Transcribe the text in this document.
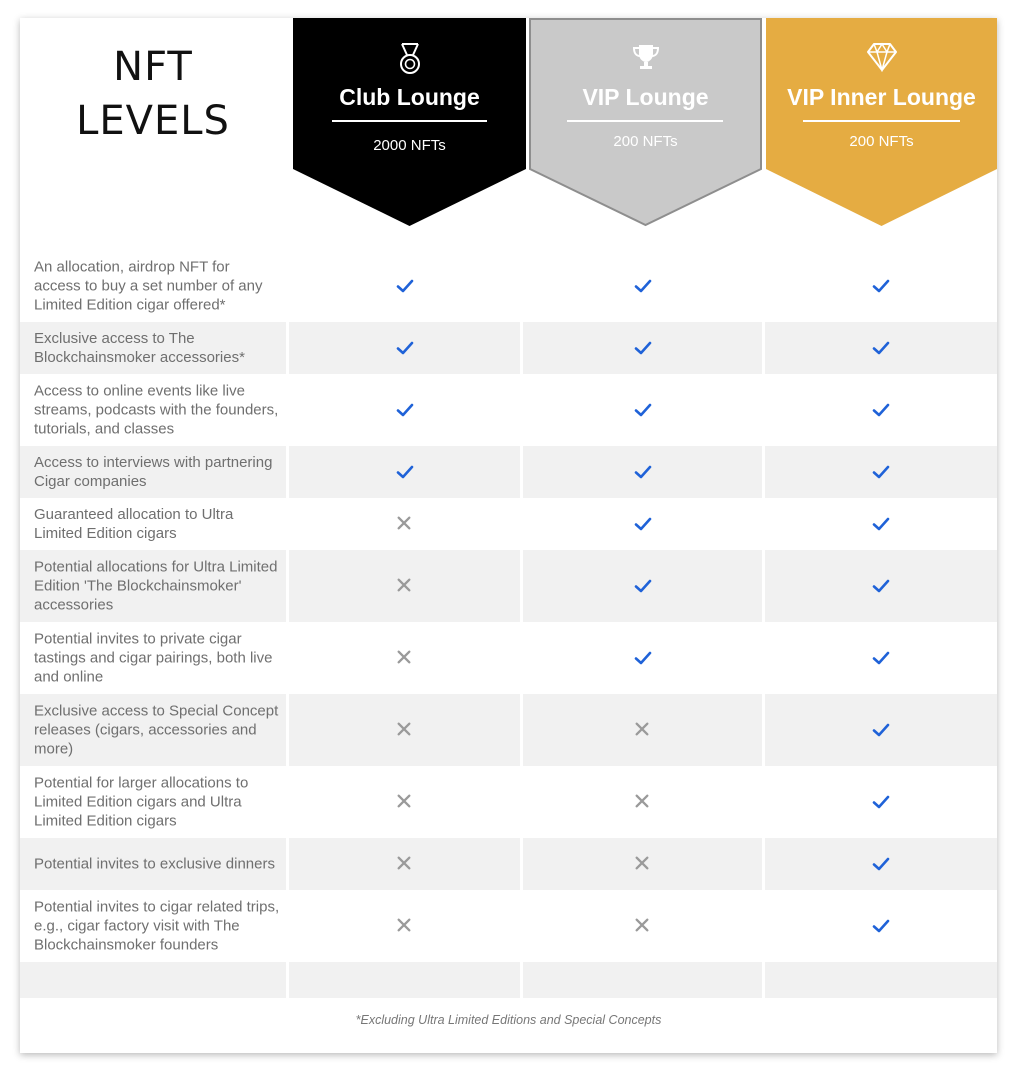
NFT
LEVELS
Club Lounge
2000 NFTs
VIP Lounge
200 NFTs
VIP Inner Lounge
200 NFTs
An allocation, airdrop NFT for access to buy a set number of any Limited Edition cigar offered*
Exclusive access to The Blockchainsmoker accessories*
Access to online events like live streams, podcasts with the founders, tutorials, and classes
Access to interviews with partnering Cigar companies
Guaranteed allocation to Ultra Limited Edition cigars
Potential allocations for Ultra Limited Edition 'The Blockchainsmoker' accessories
Potential invites to private cigar tastings and cigar pairings, both live and online
Exclusive access to Special Concept releases (cigars, accessories and more)
Potential for larger allocations to Limited Edition cigars and Ultra Limited Edition cigars
Potential invites to exclusive dinners
Potential invites to cigar related trips, e.g., cigar factory visit with The Blockchainsmoker founders
*Excluding Ultra Limited Editions and Special Concepts
